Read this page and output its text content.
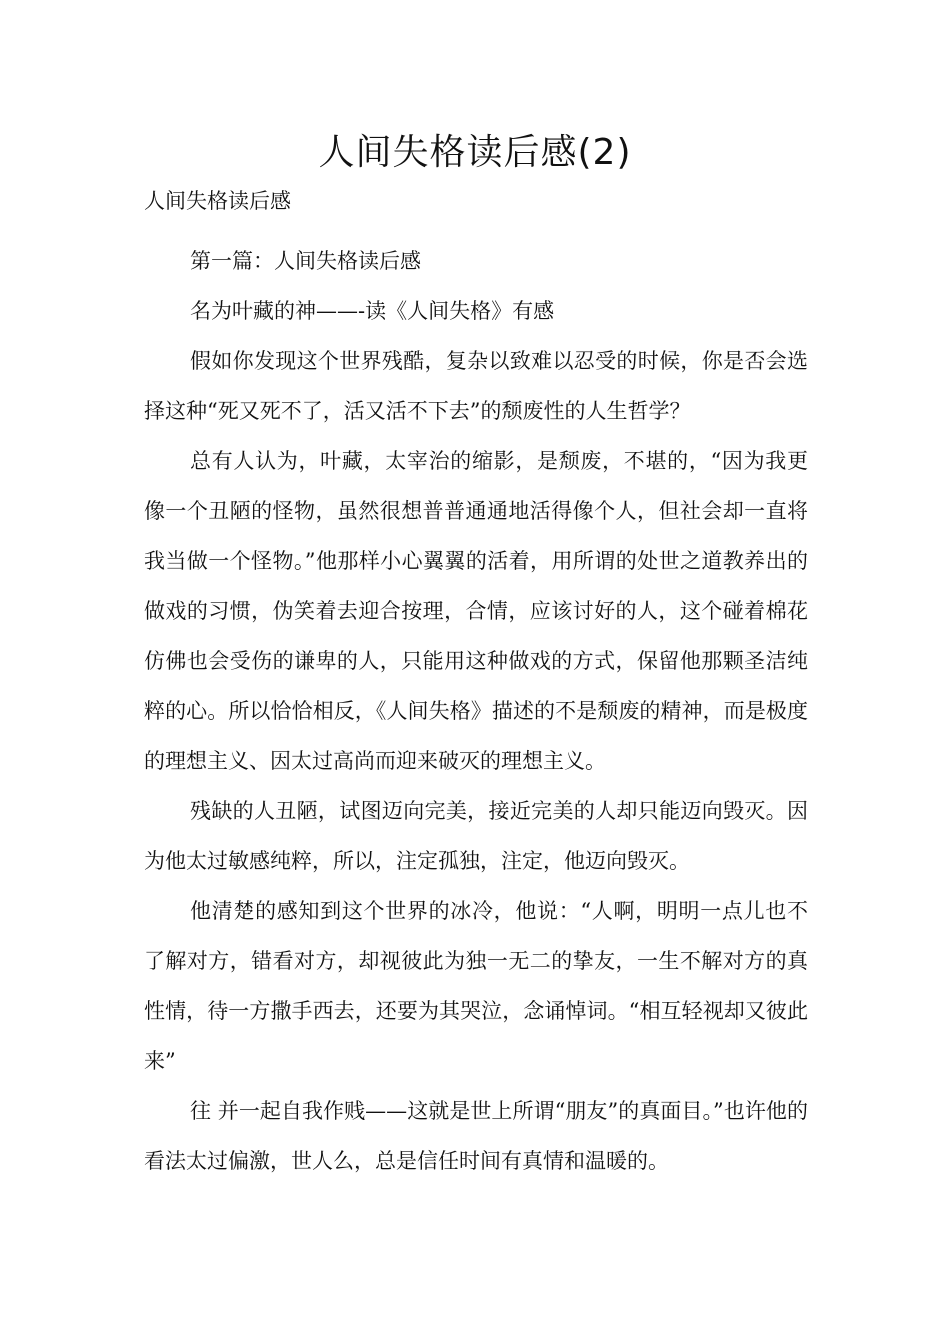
人间失格读后感(2)
人间失格读后感

第一篇：人间失格读后感

名为叶藏的神——-读《人间失格》有感

假如你发现这个世界残酷，复杂以致难以忍受的时候，你是否会选择这种“死又死不了，活又活不下去”的颓废性的人生哲学？

总有人认为，叶藏，太宰治的缩影，是颓废，不堪的，“因为我更像一个丑陋的怪物，虽然很想普普通通地活得像个人，但社会却一直将我当做一个怪物。”他那样小心翼翼的活着，用所谓的处世之道教养出的做戏的习惯，伪笑着去迎合按理，合情，应该讨好的人，这个碰着棉花仿佛也会受伤的谦卑的人，只能用这种做戏的方式，保留他那颗圣洁纯粹的心。所以恰恰相反，《人间失格》描述的不是颓废的精神，而是极度的理想主义、因太过高尚而迎来破灭的理想主义。

残缺的人丑陋，试图迈向完美，接近完美的人却只能迈向毁灭。因为他太过敏感纯粹，所以，注定孤独，注定，他迈向毁灭。

他清楚的感知到这个世界的冰冷，他说：“人啊，明明一点儿也不了解对方，错看对方，却视彼此为独一无二的挚友，一生不解对方的真性情，待一方撒手西去，还要为其哭泣，念诵悼词。“相互轻视却又彼此来”

往 并一起自我作贱——这就是世上所谓“朋友”的真面目。”也许他的看法太过偏激，世人么，总是信任时间有真情和温暖的。
